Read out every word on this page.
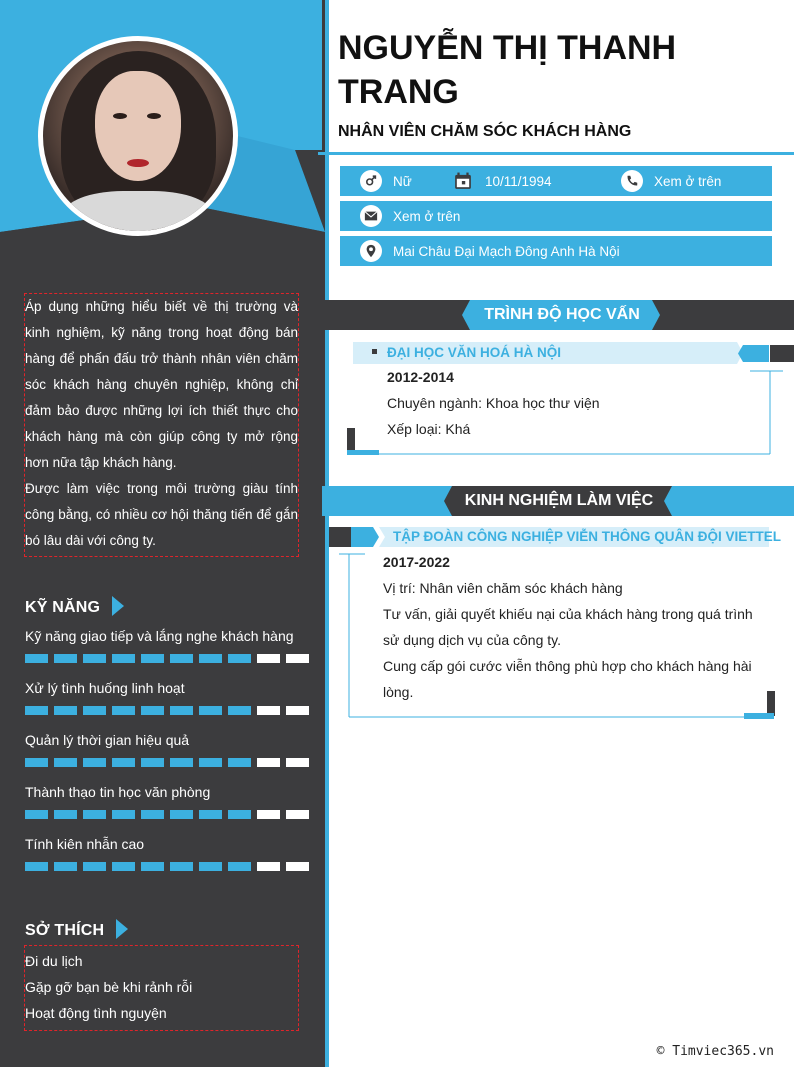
Áp dụng những hiểu biết về thị trường và kinh nghiệm, kỹ năng trong hoạt động bán hàng để phấn đấu trở thành nhân viên chăm sóc khách hàng chuyên nghiệp, không chỉ đảm bảo được những lợi ích thiết thực cho khách hàng mà còn giúp công ty mở rộng hơn nữa tập khách hàng.

Được làm việc trong môi trường giàu tính công bằng, có nhiều cơ hội thăng tiến để gắn bó lâu dài với công ty.

KỸ NĂNG
Kỹ năng giao tiếp và lắng nghe khách hàng
Xử lý tình huống linh hoạt
Quản lý thời gian hiệu quả
Thành thạo tin học văn phòng
Tính kiên nhẫn cao
SỞ THÍCH
Đi du lịch
Gặp gỡ bạn bè khi rảnh rỗi
Hoạt động tình nguyện
NGUYỄN THỊ THANH TRANG
NHÂN VIÊN CHĂM SÓC KHÁCH HÀNG
Nữ	10/11/1994	Xem ở trên
Xem ở trên
Mai Châu Đại Mạch Đông Anh Hà Nội
TRÌNH ĐỘ HỌC VẤN
ĐẠI HỌC VĂN HOÁ HÀ NỘI
2012-2014
Chuyên ngành: Khoa học thư viện
Xếp loại: Khá
KINH NGHIỆM LÀM VIỆC
TẬP ĐOÀN CÔNG NGHIỆP VIỄN THÔNG QUÂN ĐỘI VIETTEL
2017-2022
Vị trí: Nhân viên chăm sóc khách hàng
Tư vấn, giải quyết khiếu nại của khách hàng trong quá trình sử dụng dịch vụ của công ty.
Cung cấp gói cước viễn thông phù hợp cho khách hàng hài lòng.
© Timviec365.vn
